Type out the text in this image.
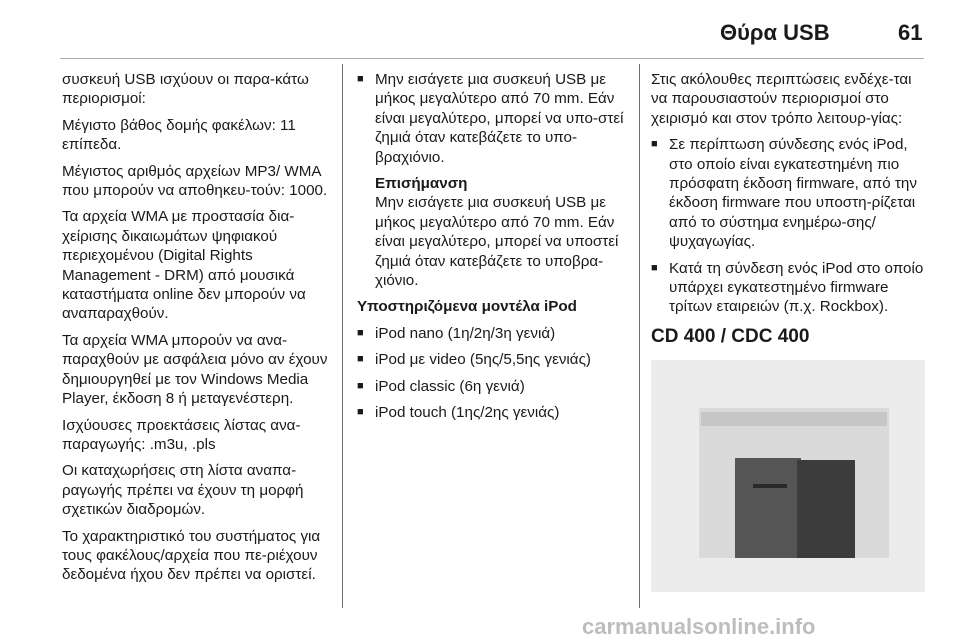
Θύρα USB	61

συσκευή USB ισχύουν οι παρα-κάτω περιορισμοί:

Μέγιστο βάθος δομής φακέλων: 11 επίπεδα.

Μέγιστος αριθμός αρχείων MP3/ WMA που μπορούν να αποθηκευ-τούν: 1000.

Τα αρχεία WMA με προστασία δια-χείρισης δικαιωμάτων ψηφιακού περιεχομένου (Digital Rights Management - DRM) από μουσικά καταστήματα online δεν μπορούν να αναπαραχθούν.

Τα αρχεία WMA μπορούν να ανα-παραχθούν με ασφάλεια μόνο αν έχουν δημιουργηθεί με τον Windows Media Player, έκδοση 8 ή μεταγενέστερη.

Ισχύουσες προεκτάσεις λίστας ανα-παραγωγής: .m3u, .pls

Οι καταχωρήσεις στη λίστα αναπα-ραγωγής πρέπει να έχουν τη μορφή σχετικών διαδρομών.

Το χαρακτηριστικό του συστήματος για τους φακέλους/αρχεία που πε-ριέχουν δεδομένα ήχου δεν πρέπει να οριστεί.

■ Μην εισάγετε μια συσκευή USB με μήκος μεγαλύτερο από 70 mm. Εάν είναι μεγαλύτερο, μπορεί να υπο-στεί ζημιά όταν κατεβάζετε το υπο-βραχιόνιο.

Επισήμανση

Μην εισάγετε μια συσκευή USB με μήκος μεγαλύτερο από 70 mm. Εάν είναι μεγαλύτερο, μπορεί να υποστεί ζημιά όταν κατεβάζετε το υποβρα-χιόνιο.

Υποστηριζόμενα μοντέλα iPod

■ iPod nano (1η/2η/3η γενιά)
■ iPod με video (5ης/5,5ης γενιάς)
■ iPod classic (6η γενιά)
■ iPod touch (1ης/2ης γενιάς)

Στις ακόλουθες περιπτώσεις ενδέχε-ται να παρουσιαστούν περιορισμοί στο χειρισμό και στον τρόπο λειτουρ-γίας:

■ Σε περίπτωση σύνδεσης ενός iPod, στο οποίο είναι εγκατεστημένη πιο πρόσφατη έκδοση firmware, από την έκδοση firmware που υποστη-ρίζεται από το σύστημα ενημέρω-σης/ψυχαγωγίας.
■ Κατά τη σύνδεση ενός iPod στο οποίο υπάρχει εγκατεστημένο firmware τρίτων εταιρειών (π.χ. Rockbox).
CD 400 / CDC 400
carmanualsonline.info
